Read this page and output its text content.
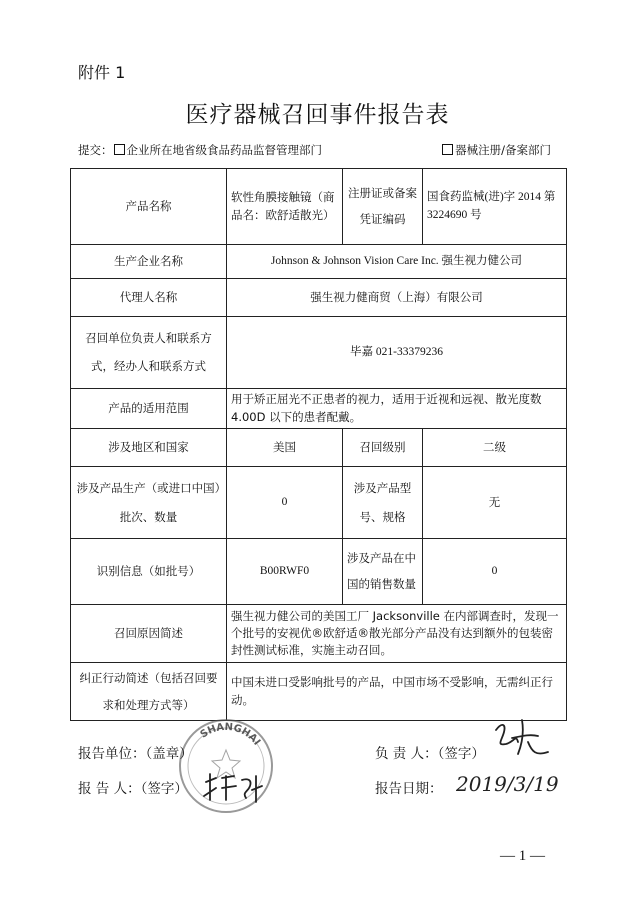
附件 1
医疗器械召回事件报告表
提交： 企业所在地省级食品药品监督管理部门	器械注册/备案部门
产品名称	软性角膜接触镜（商品名：欧舒适散光）	注册证或备案凭证编码	国食药监械(进)字 2014 第 3224690 号
生产企业名称	Johnson & Johnson Vision Care Inc. 强生视力健公司		
代理人名称	强生视力健商贸（上海）有限公司		
召回单位负责人和联系方式，经办人和联系方式	毕嘉 021-33379236		
产品的适用范围	用于矫正屈光不正患者的视力，适用于近视和远视、散光度数 4.00D 以下的患者配戴。		
涉及地区和国家	美国	召回级别	二级
涉及产品生产（或进口中国）批次、数量	0	涉及产品型号、规格	无
识别信息（如批号）	B00RWF0	涉及产品在中国的销售数量	0
召回原因简述	强生视力健公司的美国工厂 Jacksonville 在内部调查时，发现一个批号的安视优®欧舒适®散光部分产品没有达到额外的包装密封性测试标准，实施主动召回。		
纠正行动简述（包括召回要求和处理方式等）	中国未进口受影响批号的产品，中国市场不受影响，无需纠正行动。		
SHANGHAI
报告单位：（盖章）	负 责 人：（签字）
报 告 人：（签字）	报告日期： 2019/3/19
— 1 —
